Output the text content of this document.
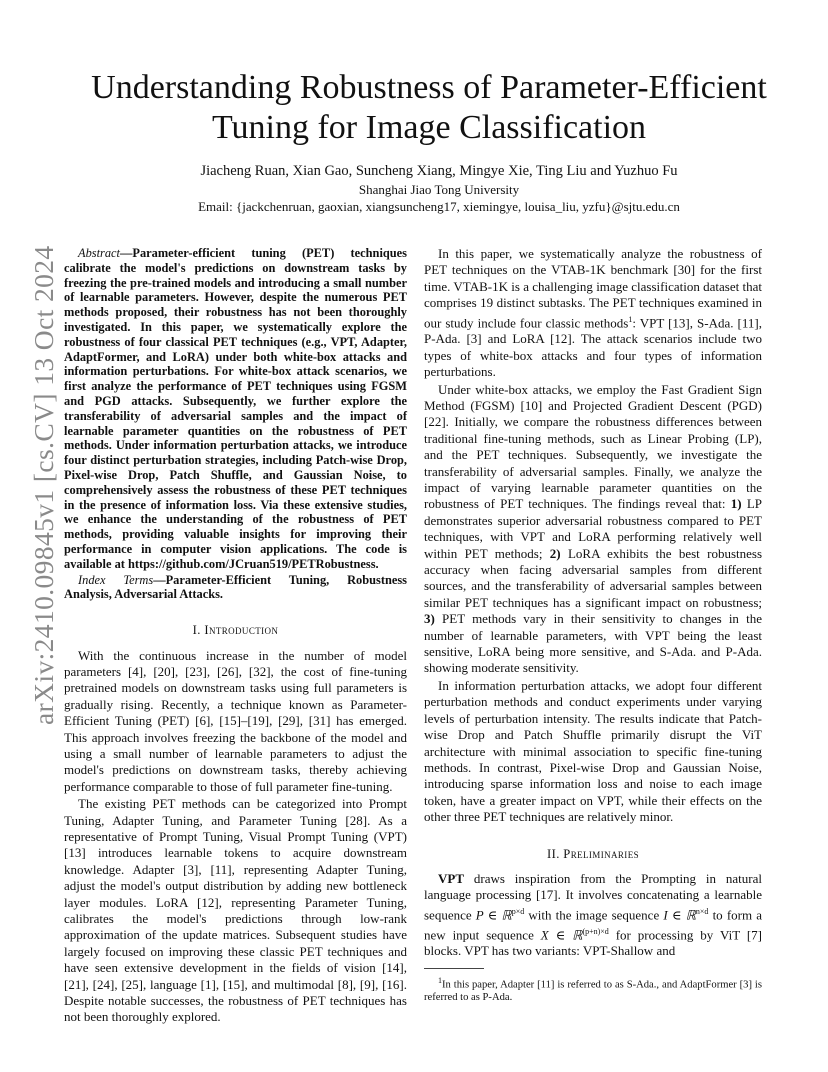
arXiv:2410.09845v1 [cs.CV] 13 Oct 2024
Understanding Robustness of Parameter-Efficient
Tuning for Image Classification
Jiacheng Ruan, Xian Gao, Suncheng Xiang, Mingye Xie, Ting Liu and Yuzhuo Fu
Shanghai Jiao Tong University
Email: {jackchenruan, gaoxian, xiangsuncheng17, xiemingye, louisa_liu, yzfu}@sjtu.edu.cn

Abstract—Parameter-efficient tuning (PET) techniques calibrate the model's predictions on downstream tasks by freezing the pre-trained models and introducing a small number of learnable parameters. However, despite the numerous PET methods proposed, their robustness has not been thoroughly investigated. In this paper, we systematically explore the robustness of four classical PET techniques (e.g., VPT, Adapter, AdaptFormer, and LoRA) under both white-box attacks and information perturbations. For white-box attack scenarios, we first analyze the performance of PET techniques using FGSM and PGD attacks. Subsequently, we further explore the transferability of adversarial samples and the impact of learnable parameter quantities on the robustness of PET methods. Under information perturbation attacks, we introduce four distinct perturbation strategies, including Patch-wise Drop, Pixel-wise Drop, Patch Shuffle, and Gaussian Noise, to comprehensively assess the robustness of these PET techniques in the presence of information loss. Via these extensive studies, we enhance the understanding of the robustness of PET methods, providing valuable insights for improving their performance in computer vision applications. The code is available at https://github.com/JCruan519/PETRobustness.

Index Terms—Parameter-Efficient Tuning, Robustness Analysis, Adversarial Attacks.

I. Introduction

With the continuous increase in the number of model parameters [4], [20], [23], [26], [32], the cost of fine-tuning pretrained models on downstream tasks using full parameters is gradually rising. Recently, a technique known as Parameter-Efficient Tuning (PET) [6], [15]–[19], [29], [31] has emerged. This approach involves freezing the backbone of the model and using a small number of learnable parameters to adjust the model's predictions on downstream tasks, thereby achieving performance comparable to those of full parameter fine-tuning.

The existing PET methods can be categorized into Prompt Tuning, Adapter Tuning, and Parameter Tuning [28]. As a representative of Prompt Tuning, Visual Prompt Tuning (VPT) [13] introduces learnable tokens to acquire downstream knowledge. Adapter [3], [11], representing Adapter Tuning, adjust the model's output distribution by adding new bottleneck layer modules. LoRA [12], representing Parameter Tuning, calibrates the model's predictions through low-rank approximation of the update matrices. Subsequent studies have largely focused on improving these classic PET techniques and have seen extensive development in the fields of vision [14], [21], [24], [25], language [1], [15], and multimodal [8], [9], [16]. Despite notable successes, the robustness of PET techniques has not been thoroughly explored.

In this paper, we systematically analyze the robustness of PET techniques on the VTAB-1K benchmark [30] for the first time. VTAB-1K is a challenging image classification dataset that comprises 19 distinct subtasks. The PET techniques examined in our study include four classic methods$^1$: VPT [13], S-Ada. [11], P-Ada. [3] and LoRA [12]. The attack scenarios include two types of white-box attacks and four types of information perturbations.

Under white-box attacks, we employ the Fast Gradient Sign Method (FGSM) [10] and Projected Gradient Descent (PGD) [22]. Initially, we compare the robustness differences between traditional fine-tuning methods, such as Linear Probing (LP), and the PET techniques. Subsequently, we investigate the transferability of adversarial samples. Finally, we analyze the impact of varying learnable parameter quantities on the robustness of PET techniques. The findings reveal that: 1) LP demonstrates superior adversarial robustness compared to PET techniques, with VPT and LoRA performing relatively well within PET methods; 2) LoRA exhibits the best robustness accuracy when facing adversarial samples from different sources, and the transferability of adversarial samples between similar PET techniques has a significant impact on robustness; 3) PET methods vary in their sensitivity to changes in the number of learnable parameters, with VPT being the least sensitive, LoRA being more sensitive, and S-Ada. and P-Ada. showing moderate sensitivity.

In information perturbation attacks, we adopt four different perturbation methods and conduct experiments under varying levels of perturbation intensity. The results indicate that Patch-wise Drop and Patch Shuffle primarily disrupt the ViT architecture with minimal association to specific fine-tuning methods. In contrast, Pixel-wise Drop and Gaussian Noise, introducing sparse information loss and noise to each image token, have a greater impact on VPT, while their effects on the other three PET techniques are relatively minor.

II. Preliminaries

VPT draws inspiration from the Prompting in natural language processing [17]. It involves concatenating a learnable sequence P ∈ ℝ$^{p\times d}$ with the image sequence I ∈ ℝ$^{n\times d}$ to form a new input sequence X ∈ ℝ$^{(p+n)\times d}$ for processing by ViT [7] blocks. VPT has two variants: VPT-Shallow and

$^1$In this paper, Adapter [11] is referred to as S-Ada., and AdaptFormer [3] is referred to as P-Ada.
